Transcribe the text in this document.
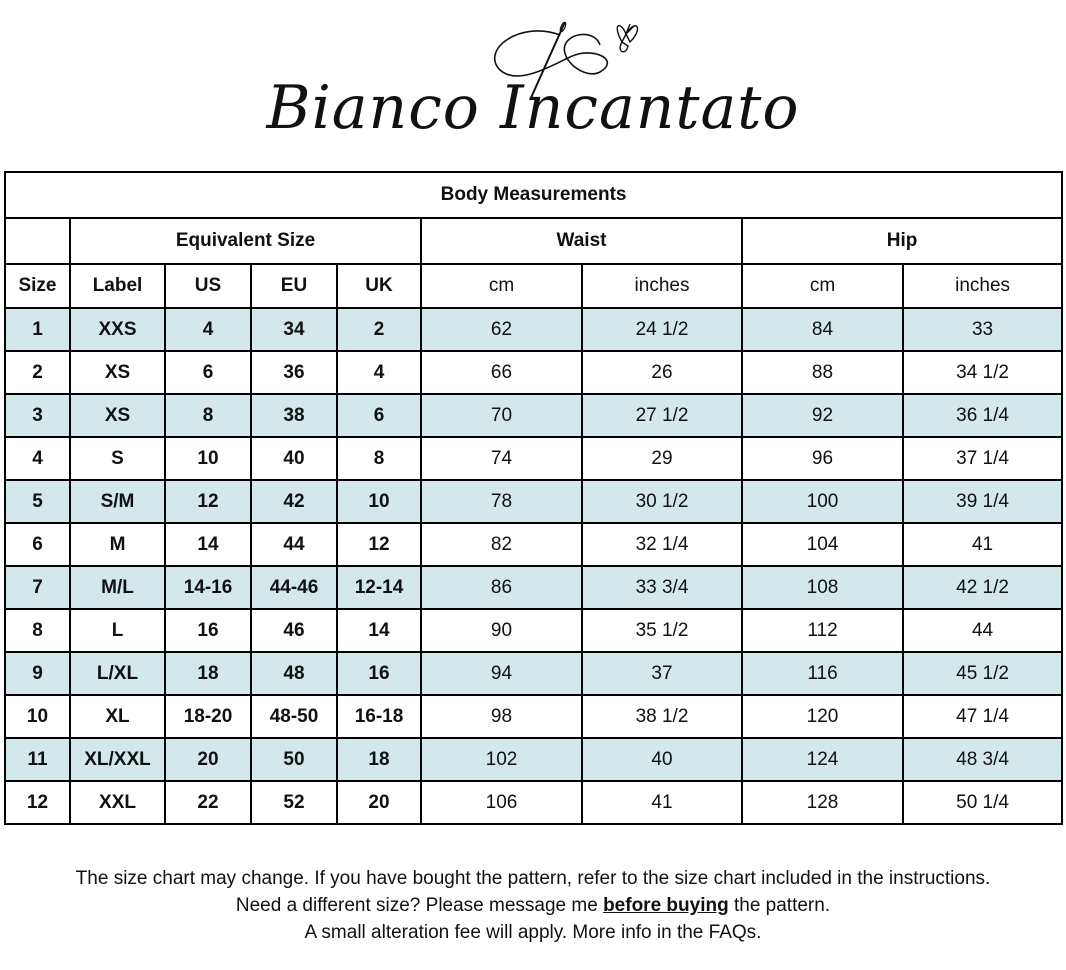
Bianco Incantato
Body Measurements								
	Equivalent Size				Waist		Hip	
Size	Label	US	EU	UK	cm	inches	cm	inches
1	XXS	4	34	2	62	24 1/2	84	33
2	XS	6	36	4	66	26	88	34 1/2
3	XS	8	38	6	70	27 1/2	92	36 1/4
4	S	10	40	8	74	29	96	37 1/4
5	S/M	12	42	10	78	30 1/2	100	39 1/4
6	M	14	44	12	82	32 1/4	104	41
7	M/L	14-16	44-46	12-14	86	33 3/4	108	42 1/2
8	L	16	46	14	90	35 1/2	112	44
9	L/XL	18	48	16	94	37	116	45 1/2
10	XL	18-20	48-50	16-18	98	38 1/2	120	47 1/4
11	XL/XXL	20	50	18	102	40	124	48 3/4
12	XXL	22	52	20	106	41	128	50 1/4
The size chart may change. If you have bought the pattern, refer to the size chart included in the instructions.
Need a different size? Please message me before buying the pattern.
A small alteration fee will apply. More info in the FAQs.
